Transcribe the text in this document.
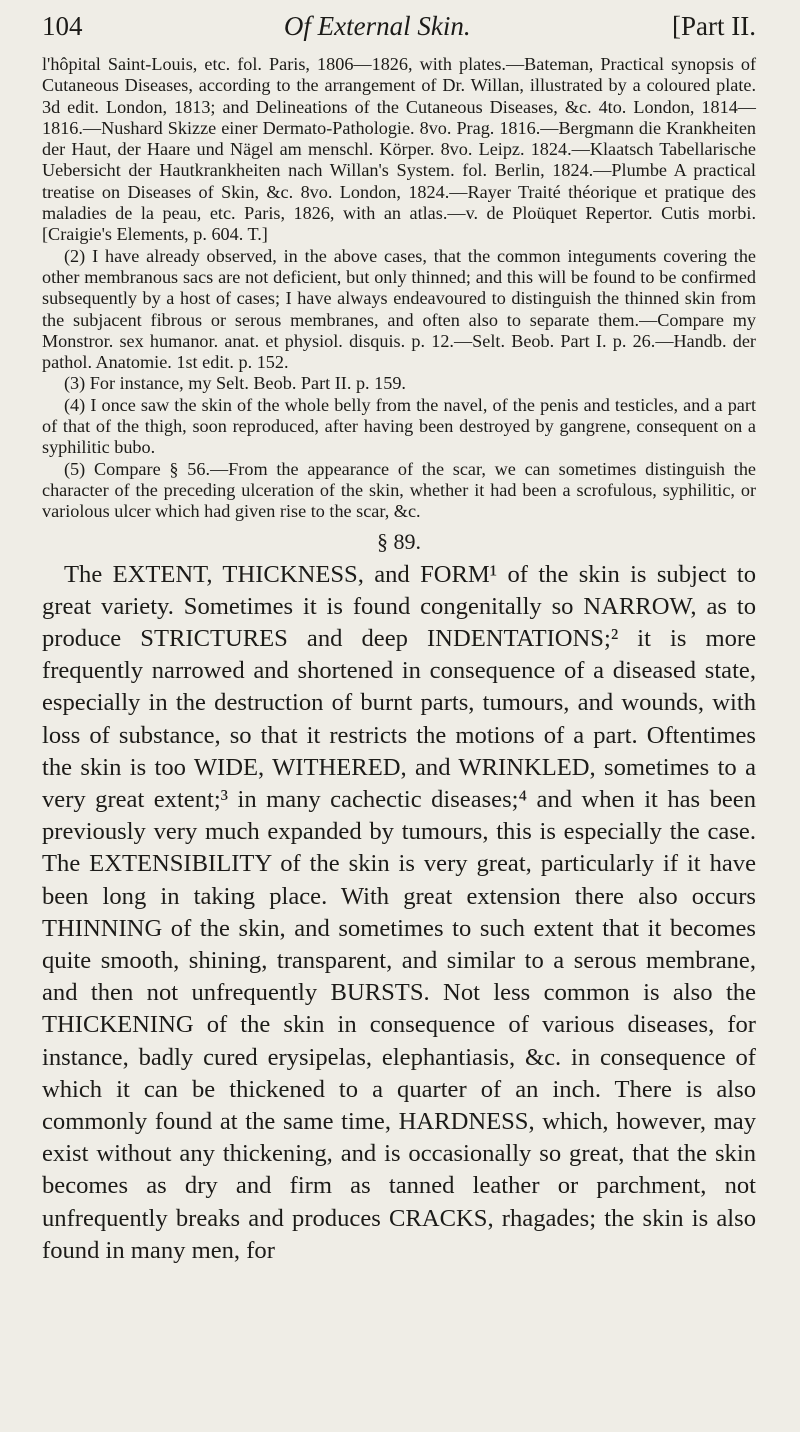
104	Of External Skin.	[Part II.

l'hôpital Saint-Louis, etc. fol. Paris, 1806—1826, with plates.—Bateman, Practical synopsis of Cutaneous Diseases, according to the arrangement of Dr. Willan, illustrated by a coloured plate. 3d edit. London, 1813; and Delineations of the Cutaneous Diseases, &c. 4to. London, 1814—1816.—Nushard Skizze einer Dermato-Pathologie. 8vo. Prag. 1816.—Bergmann die Krankheiten der Haut, der Haare und Nägel am menschl. Körper. 8vo. Leipz. 1824.—Klaatsch Tabellarische Uebersicht der Hautkrankheiten nach Willan's System. fol. Berlin, 1824.—Plumbe A practical treatise on Diseases of Skin, &c. 8vo. London, 1824.—Rayer Traité théorique et pratique des maladies de la peau, etc. Paris, 1826, with an atlas.—v. de Ploüquet Repertor. Cutis morbi. [Craigie's Elements, p. 604. T.]

(2) I have already observed, in the above cases, that the common integuments covering the other membranous sacs are not deficient, but only thinned; and this will be found to be confirmed subsequently by a host of cases; I have always endeavoured to distinguish the thinned skin from the subjacent fibrous or serous membranes, and often also to separate them.—Compare my Monstror. sex humanor. anat. et physiol. disquis. p. 12.—Selt. Beob. Part I. p. 26.—Handb. der pathol. Anatomie. 1st edit. p. 152.

(3) For instance, my Selt. Beob. Part II. p. 159.

(4) I once saw the skin of the whole belly from the navel, of the penis and testicles, and a part of that of the thigh, soon reproduced, after having been destroyed by gangrene, consequent on a syphilitic bubo.

(5) Compare § 56.—From the appearance of the scar, we can sometimes distinguish the character of the preceding ulceration of the skin, whether it had been a scrofulous, syphilitic, or variolous ulcer which had given rise to the scar, &c.

§ 89.

The EXTENT, THICKNESS, and FORM¹ of the skin is subject to great variety. Sometimes it is found congenitally so NARROW, as to produce STRICTURES and deep INDENTATIONS;² it is more frequently narrowed and shortened in consequence of a diseased state, especially in the destruction of burnt parts, tumours, and wounds, with loss of substance, so that it restricts the motions of a part. Oftentimes the skin is too WIDE, WITHERED, and WRINKLED, sometimes to a very great extent;³ in many cachectic diseases;⁴ and when it has been previously very much expanded by tumours, this is especially the case. The EXTENSIBILITY of the skin is very great, particularly if it have been long in taking place. With great extension there also occurs THINNING of the skin, and sometimes to such extent that it becomes quite smooth, shining, transparent, and similar to a serous membrane, and then not unfrequently BURSTS. Not less common is also the THICKENING of the skin in consequence of various diseases, for instance, badly cured erysipelas, elephantiasis, &c. in consequence of which it can be thickened to a quarter of an inch. There is also commonly found at the same time, HARDNESS, which, however, may exist without any thickening, and is occasionally so great, that the skin becomes as dry and firm as tanned leather or parchment, not unfrequently breaks and produces CRACKS, rhagades; the skin is also found in many men, for
